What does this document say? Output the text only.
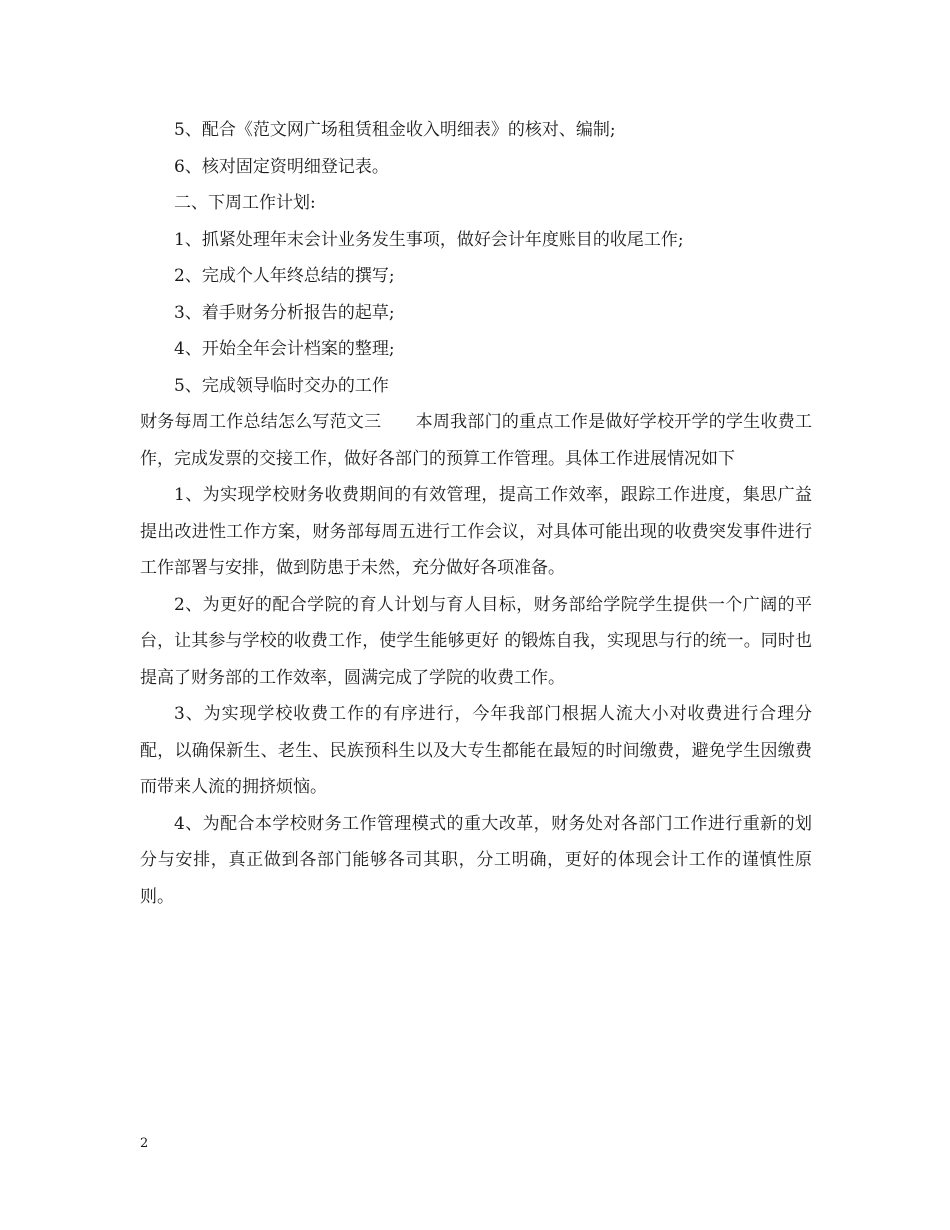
5、配合《范文网广场租赁租金收入明细表》的核对、编制;
6、核对固定资明细登记表。
二、下周工作计划:
1、抓紧处理年末会计业务发生事项，做好会计年度账目的收尾工作;
2、完成个人年终总结的撰写;
3、着手财务分析报告的起草;
4、开始全年会计档案的整理;
5、完成领导临时交办的工作
财务每周工作总结怎么写范文三 本周我部门的重点工作是做好学校开学的学生收费工作，完成发票的交接工作，做好各部门的预算工作管理。具体工作进展情况如下
1、为实现学校财务收费期间的有效管理，提高工作效率，跟踪工作进度，集思广益提出改进性工作方案，财务部每周五进行工作会议，对具体可能出现的收费突发事件进行工作部署与安排，做到防患于未然，充分做好各项准备。
2、为更好的配合学院的育人计划与育人目标，财务部给学院学生提供一个广阔的平台，让其参与学校的收费工作，使学生能够更好 的锻炼自我，实现思与行的统一。同时也提高了财务部的工作效率，圆满完成了学院的收费工作。
3、为实现学校收费工作的有序进行，今年我部门根据人流大小对收费进行合理分配，以确保新生、老生、民族预科生以及大专生都能在最短的时间缴费，避免学生因缴费而带来人流的拥挤烦恼。
4、为配合本学校财务工作管理模式的重大改革，财务处对各部门工作进行重新的划分与安排，真正做到各部门能够各司其职，分工明确，更好的体现会计工作的谨慎性原则。
2
